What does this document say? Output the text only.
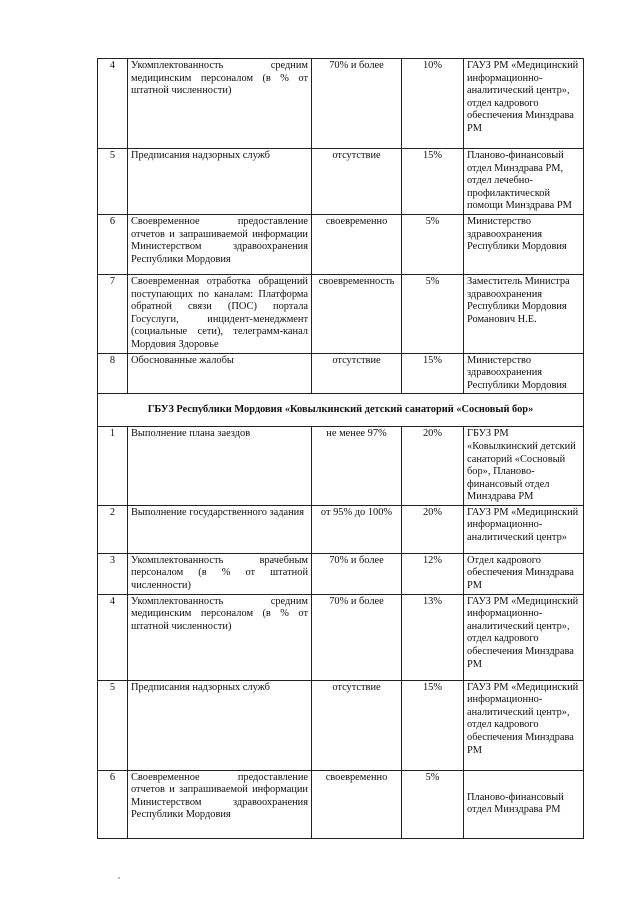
4	Укомплектованность средним медицинским персоналом (в % от штатной численности)	70% и более	10%	ГАУЗ РМ «Медицинский информационно-аналитический центр», отдел кадрового обеспечения Минздрава РМ
5	Предписания надзорных служб	отсутствие	15%	Планово-финансовый отдел Минздрава РМ, отдел лечебно-профилактической помощи Минздрава РМ
6	Своевременное предоставление отчетов и запрашиваемой информации Министерством здравоохранения Республики Мордовия	своевременно	5%	Министерство здравоохранения Республики Мордовия
7	Своевременная отработка обращений поступающих по каналам: Платформа обратной связи (ПОС) портала Госуслуги, инцидент-менеджмент (социальные сети), телеграмм-канал Мордовия Здоровье	своевременность	5%	Заместитель Министра здравоохранения Республики Мордовия Романович Н.Е.
8	Обоснованные жалобы	отсутствие	15%	Министерство здравоохранения Республики Мордовия
ГБУЗ Республики Мордовия «Ковылкинский детский санаторий «Сосновый бор»				
1	Выполнение плана заездов	не менее 97%	20%	ГБУЗ РМ «Ковылкинский детский санаторий «Сосновый бор», Планово-финансовый отдел Минздрава РМ
2	Выполнение государственного задания	от 95% до 100%	20%	ГАУЗ РМ «Медицинский информационно-аналитический центр»
3	Укомплектованность врачебным персоналом (в % от штатной численности)	70% и более	12%	Отдел кадрового обеспечения Минздрава РМ
4	Укомплектованность средним медицинским персоналом (в % от штатной численности)	70% и более	13%	ГАУЗ РМ «Медицинский информационно-аналитический центр», отдел кадрового обеспечения Минздрава РМ
5	Предписания надзорных служб	отсутствие	15%	ГАУЗ РМ «Медицинский информационно-аналитический центр», отдел кадрового обеспечения Минздрава РМ
6	Своевременное предоставление отчетов и запрашиваемой информации Министерством здравоохранения Республики Мордовия	своевременно	5%	Планово-финансовый отдел Минздрава РМ
